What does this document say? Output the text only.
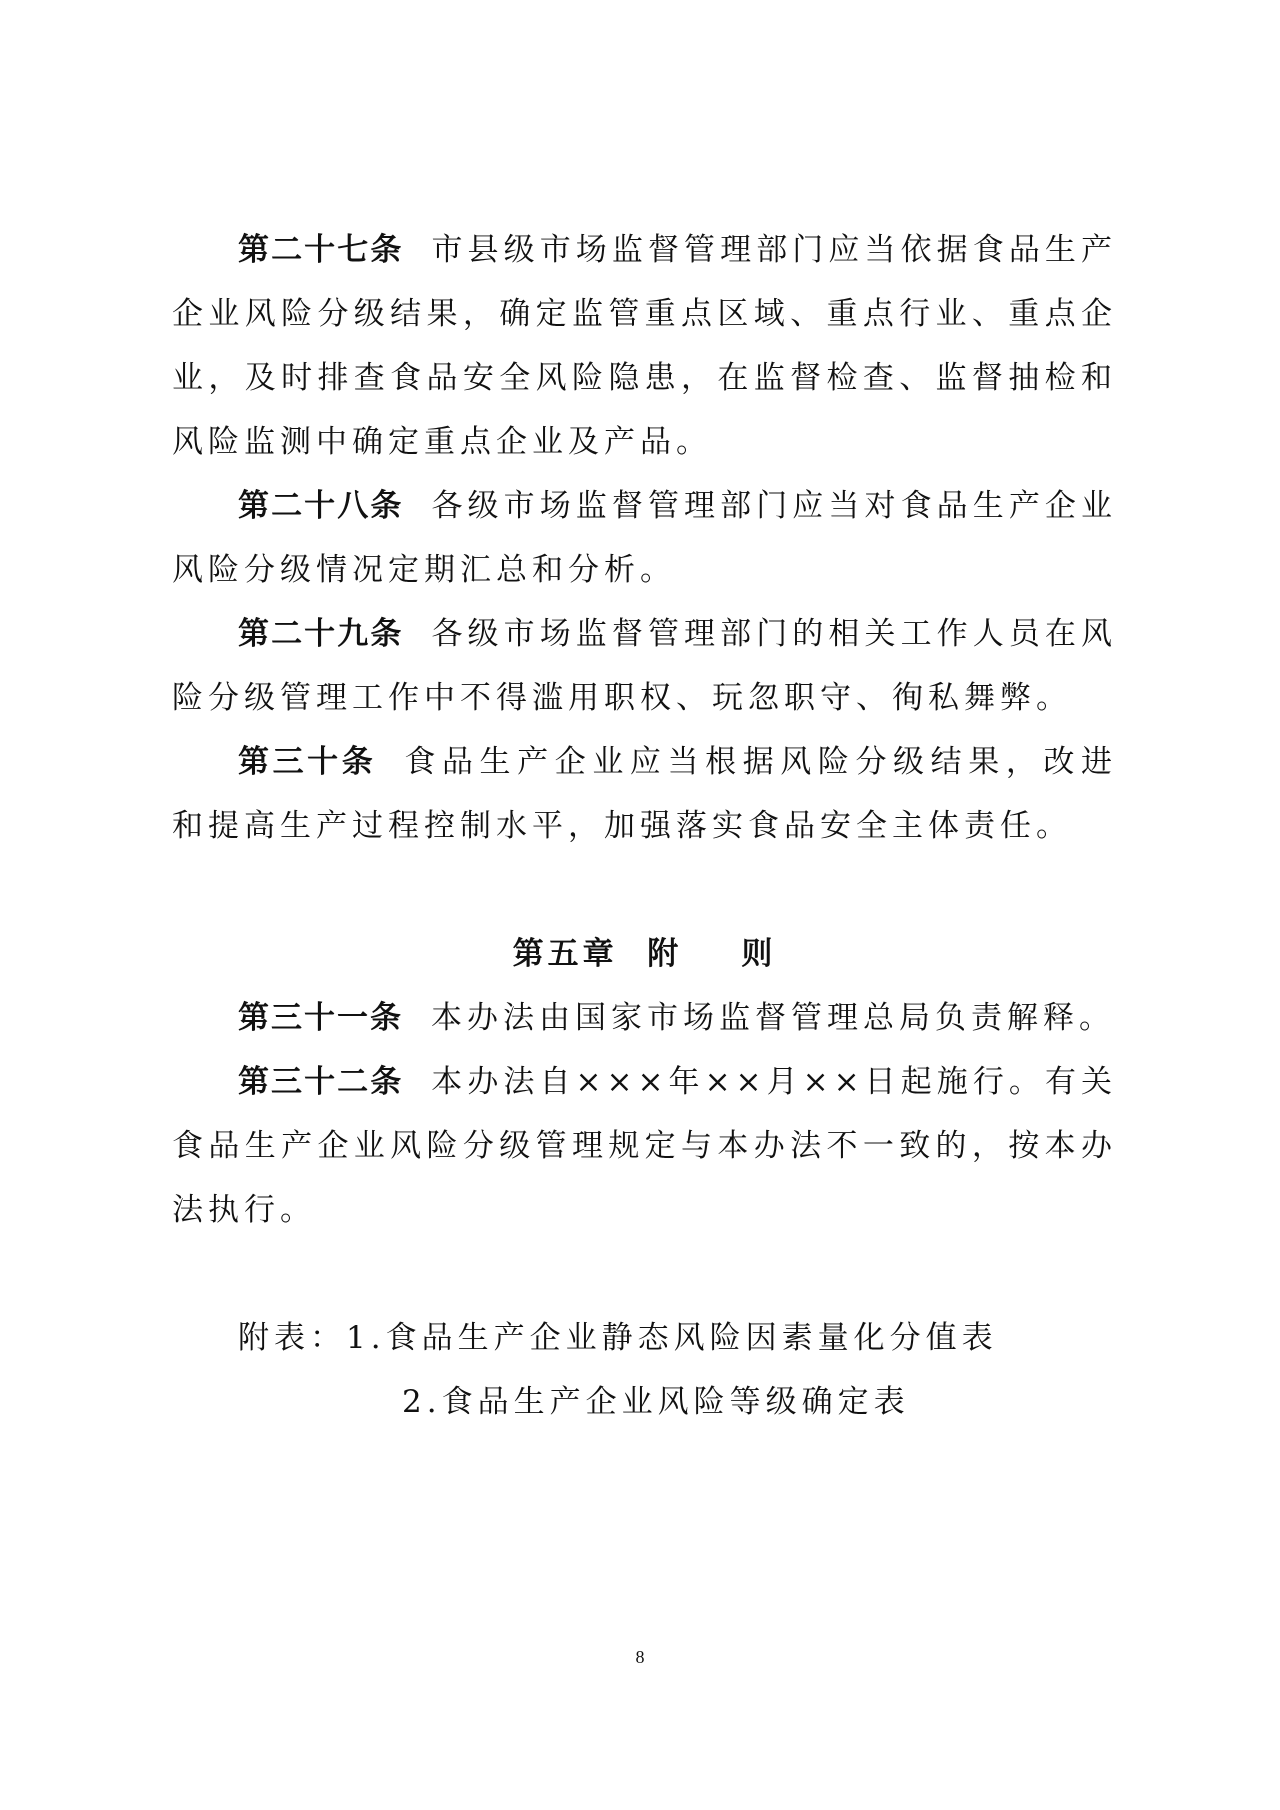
第二十七条 市县级市场监督管理部门应当依据食品生产企业风险分级结果，确定监管重点区域、重点行业、重点企业，及时排查食品安全风险隐患，在监督检查、监督抽检和风险监测中确定重点企业及产品。

第二十八条 各级市场监督管理部门应当对食品生产企业风险分级情况定期汇总和分析。

第二十九条 各级市场监督管理部门的相关工作人员在风险分级管理工作中不得滥用职权、玩忽职守、徇私舞弊。

第三十条 食品生产企业应当根据风险分级结果，改进和提高生产过程控制水平，加强落实食品安全主体责任。

第五章  附    则

第三十一条 本办法由国家市场监督管理总局负责解释。

第三十二条 本办法自×××年××月××日起施行。有关食品生产企业风险分级管理规定与本办法不一致的，按本办法执行。

附表：1.食品生产企业静态风险因素量化分值表
2.食品生产企业风险等级确定表
8
